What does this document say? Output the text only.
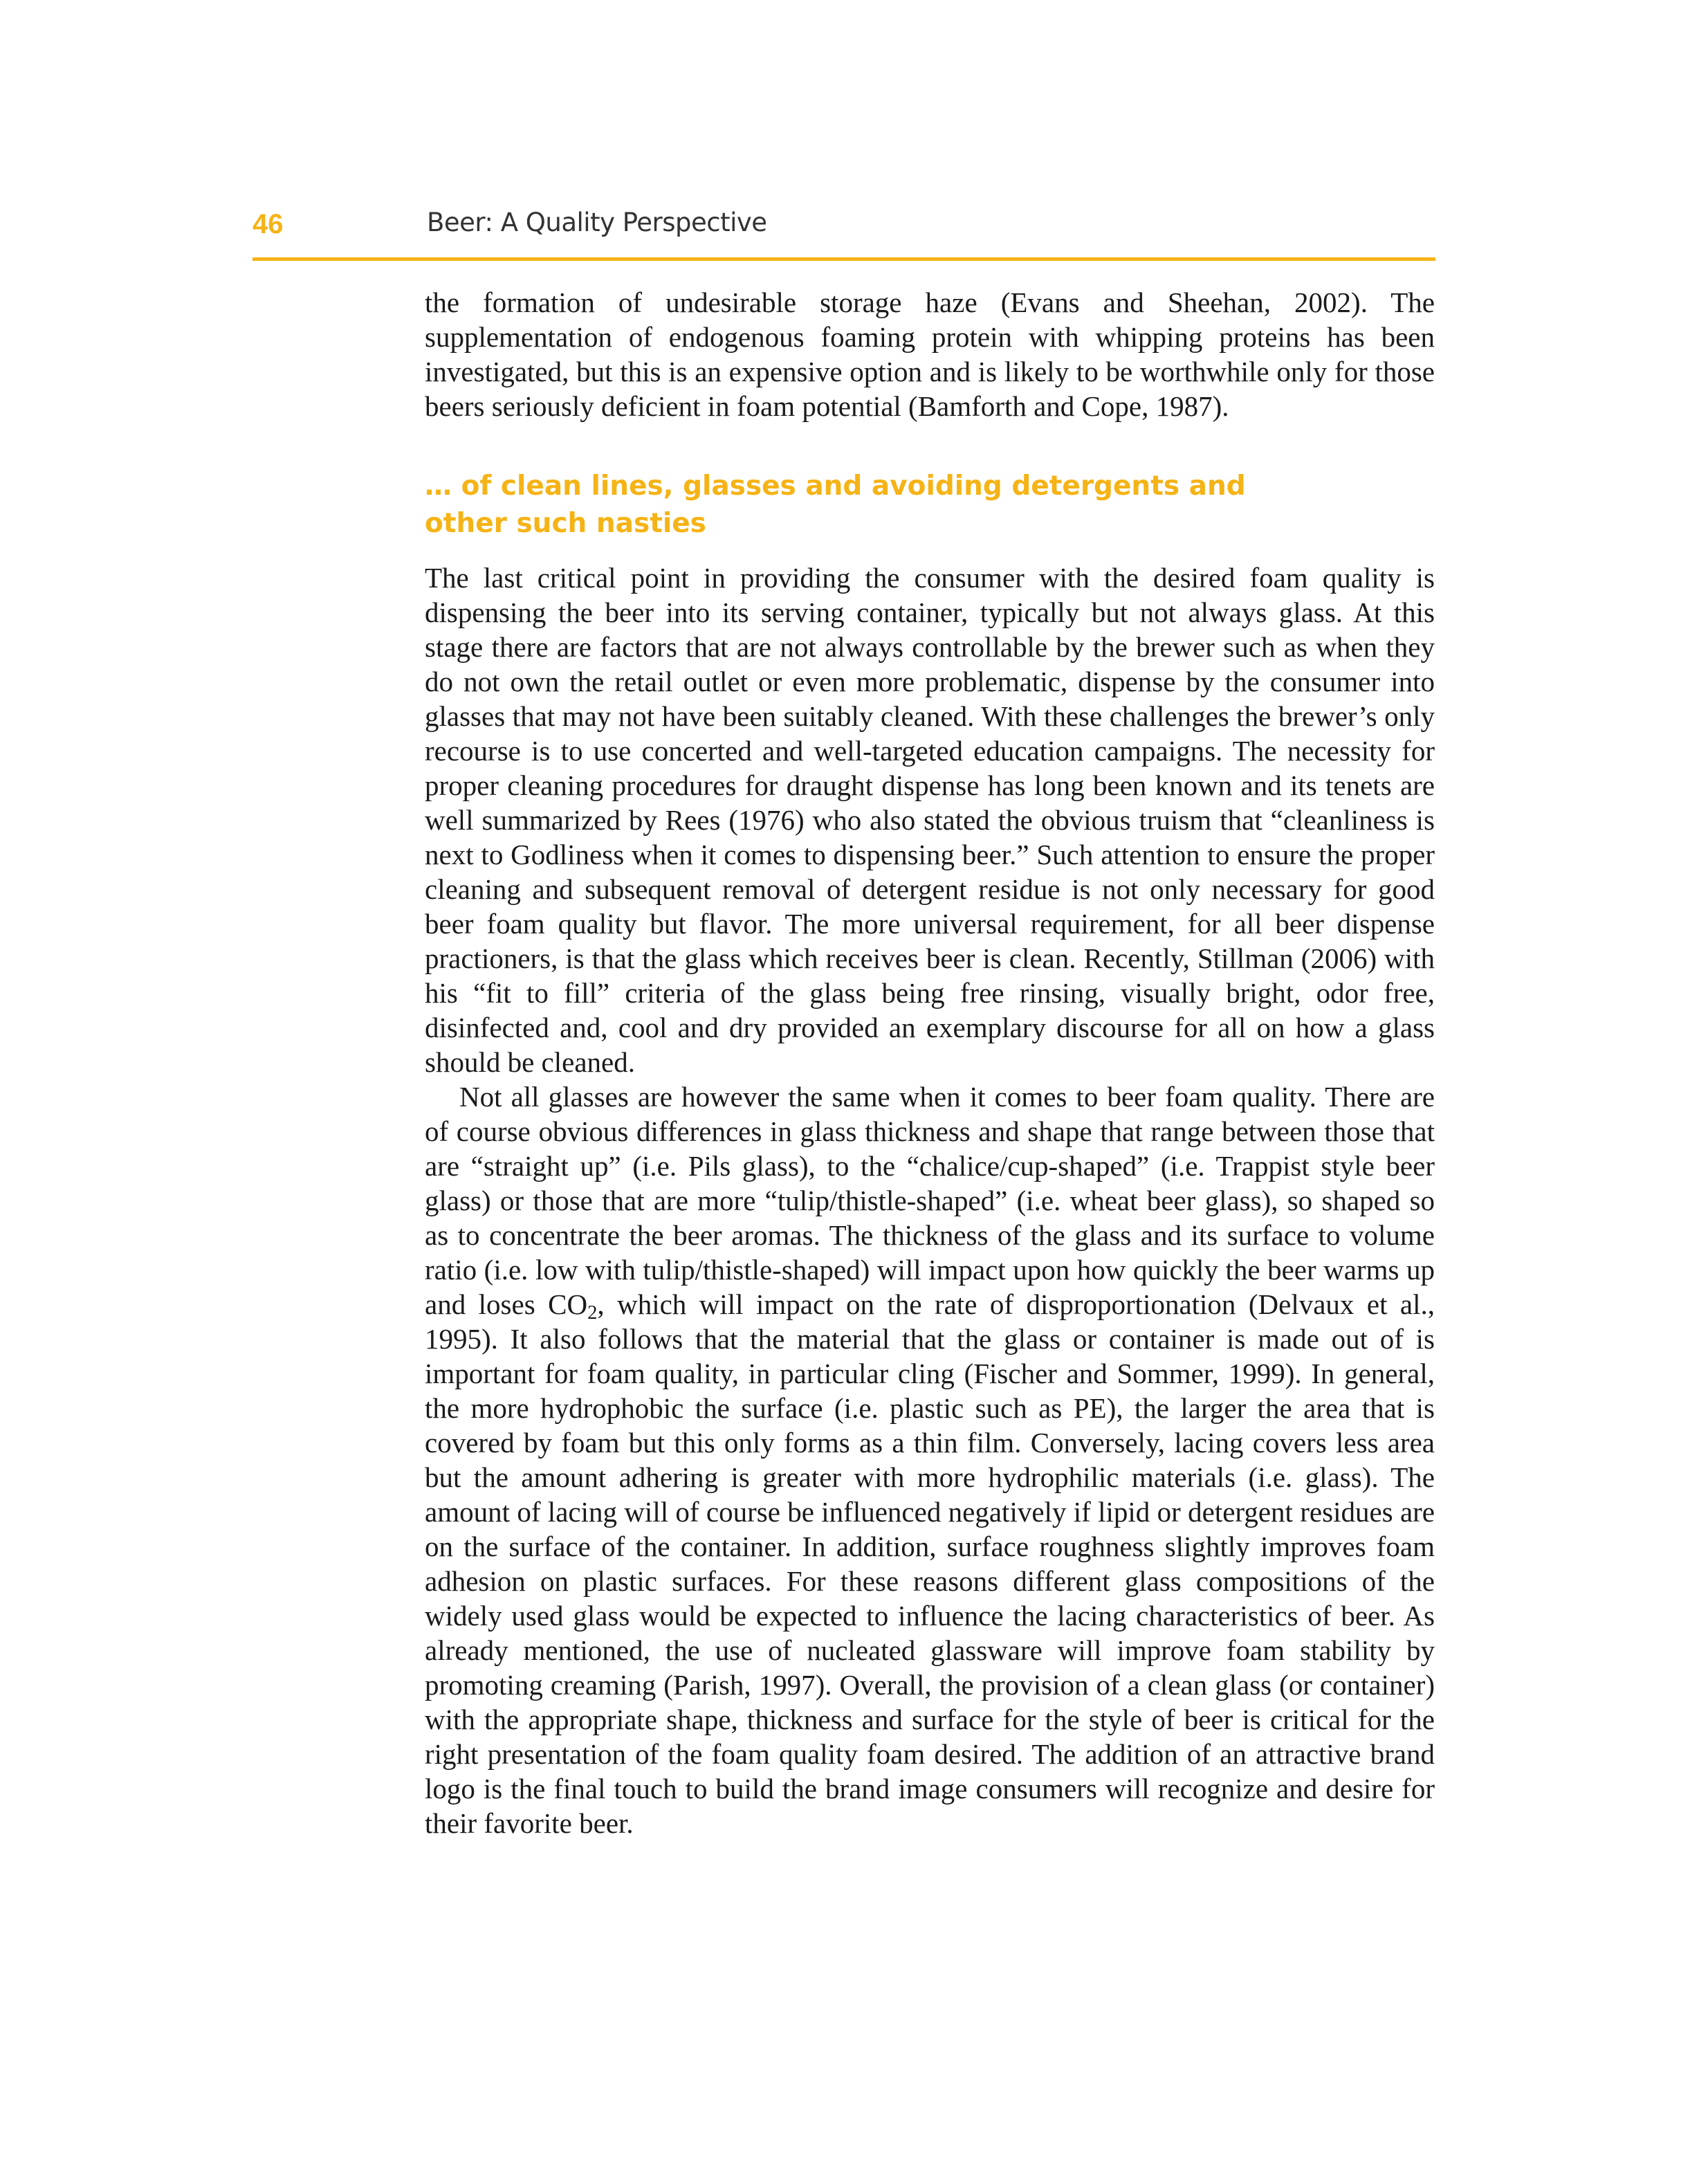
46	Beer: A Quality Perspective

the formation of undesirable storage haze (Evans and Sheehan, 2002). The supplementation of endogenous foaming protein with whipping proteins has been investigated, but this is an expensive option and is likely to be worthwhile only for those beers seriously deficient in foam potential (Bamforth and Cope, 1987).

… of clean lines, glasses and avoiding detergents and
other such nasties

The last critical point in providing the consumer with the desired foam quality is dispensing the beer into its serving container, typically but not always glass. At this stage there are factors that are not always controllable by the brewer such as when they do not own the retail outlet or even more problematic, dispense by the consumer into glasses that may not have been suitably cleaned. With these challenges the brewer’s only recourse is to use concerted and well-targeted education campaigns. The necessity for proper cleaning procedures for draught dispense has long been known and its tenets are well summarized by Rees (1976) who also stated the obvious truism that “cleanliness is next to Godliness when it comes to dispensing beer.” Such attention to ensure the proper cleaning and subsequent removal of detergent residue is not only necessary for good beer foam quality but flavor. The more universal requirement, for all beer dispense practioners, is that the glass which receives beer is clean. Recently, Stillman (2006) with his “fit to fill” criteria of the glass being free rinsing, visually bright, odor free, disinfected and, cool and dry provided an exemplary discourse for all on how a glass should be cleaned.

Not all glasses are however the same when it comes to beer foam quality. There are of course obvious differences in glass thickness and shape that range between those that are “straight up” (i.e. Pils glass), to the “chalice/cup-shaped” (i.e. Trappist style beer glass) or those that are more “tulip/thistle-shaped” (i.e. wheat beer glass), so shaped so as to concentrate the beer aromas. The thickness of the glass and its surface to volume ratio (i.e. low with tulip/thistle-shaped) will impact upon how quickly the beer warms up and loses $CO_2$, which will impact on the rate of disproportionation (Delvaux et al., 1995). It also follows that the material that the glass or container is made out of is important for foam quality, in particular cling (Fischer and Sommer, 1999). In general, the more hydrophobic the surface (i.e. plastic such as PE), the larger the area that is covered by foam but this only forms as a thin film. Conversely, lacing covers less area but the amount adhering is greater with more hydrophilic materials (i.e. glass). The amount of lacing will of course be influenced negatively if lipid or detergent residues are on the surface of the container. In addition, surface roughness slightly improves foam adhesion on plastic surfaces. For these reasons different glass compositions of the widely used glass would be expected to influence the lacing characteristics of beer. As already mentioned, the use of nucleated glassware will improve foam stability by promoting creaming (Parish, 1997). Overall, the provision of a clean glass (or container) with the appropriate shape, thickness and surface for the style of beer is critical for the right presentation of the foam quality foam desired. The addition of an attractive brand logo is the final touch to build the brand image consumers will recognize and desire for their favorite beer.
